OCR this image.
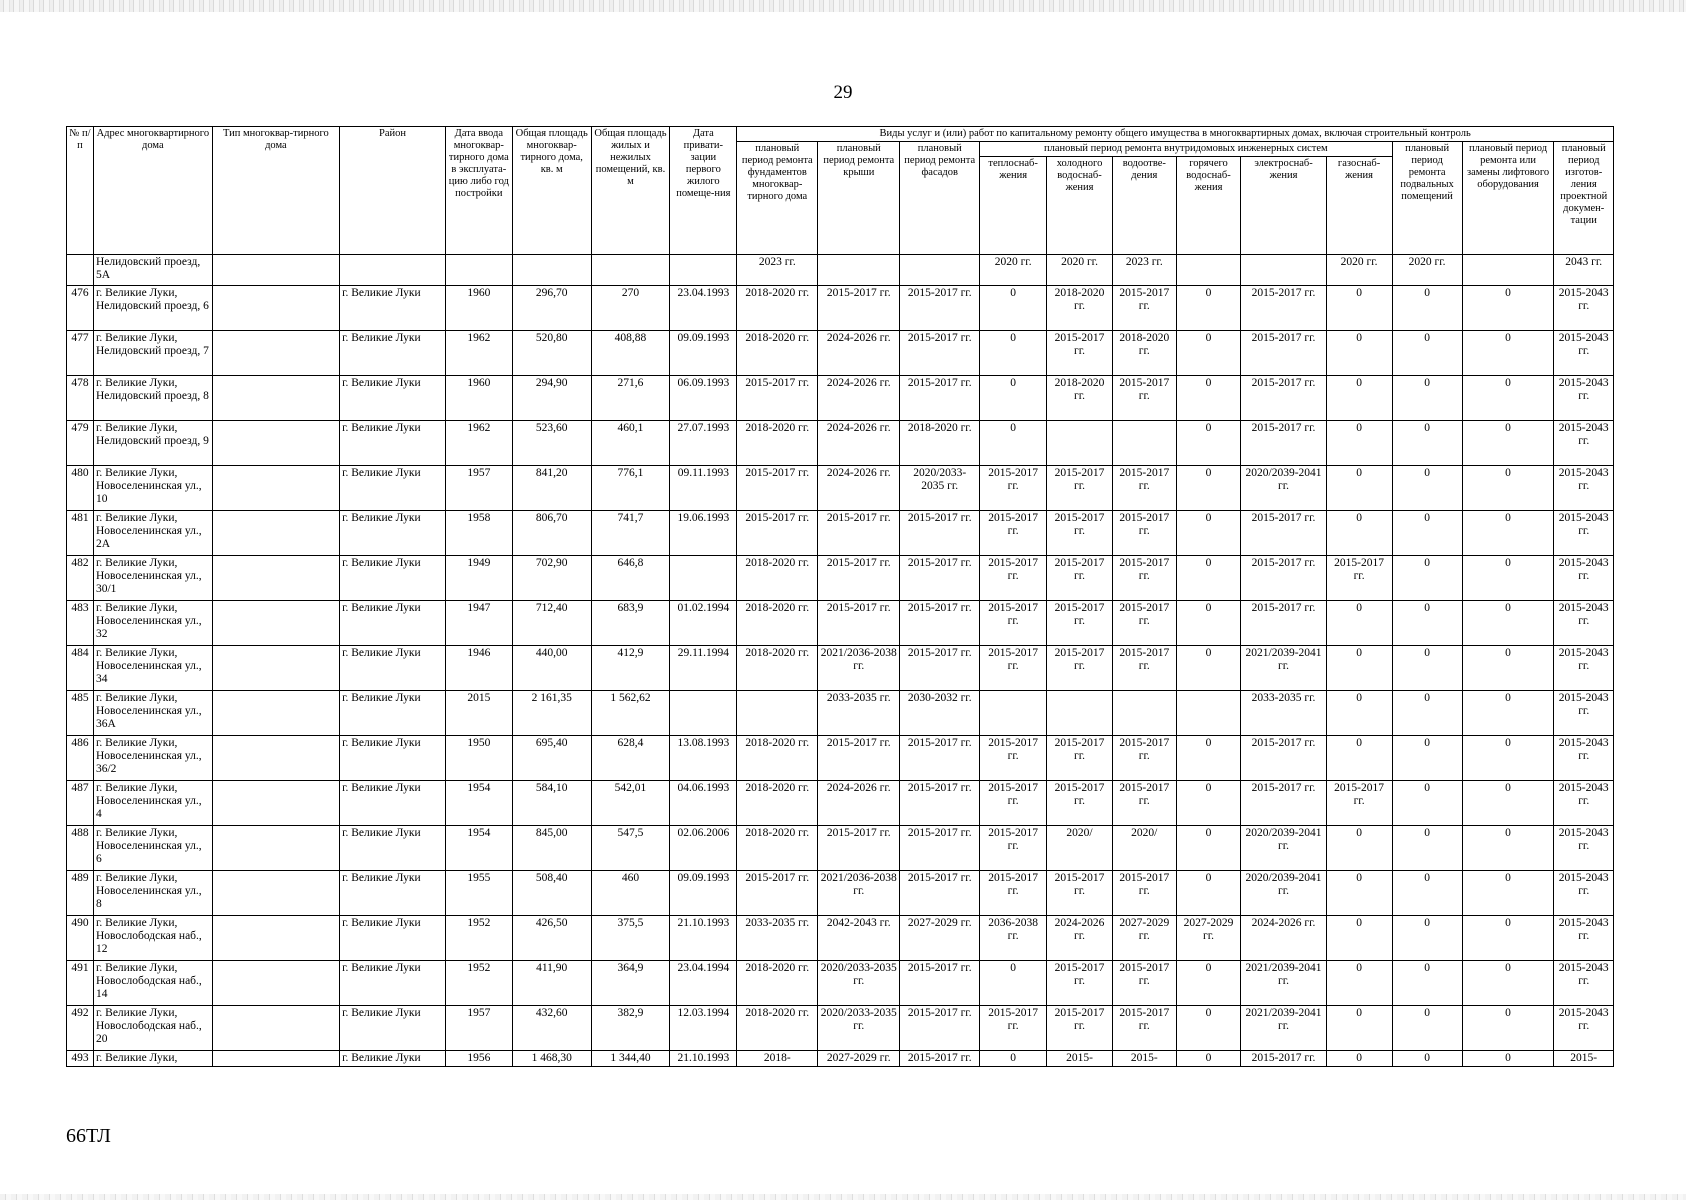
29
№ п/п	Адрес многоквартирного дома	Тип многоквар-тирного дома	Район	Дата ввода многоквар-тирного дома в эксплуата-цию либо год постройки	Общая площадь многоквар-тирного дома, кв. м	Общая площадь жилых и нежилых помещений, кв. м	Дата привати-зации первого жилого помеще-ния	Виды услуг и (или) работ по капитальному ремонту общего имущества в многоквартирных домах, включая строительный контроль											
								плановый период ремонта фундаментов многоквар-тирного дома	плановый период ремонта крыши	плановый период ремонта фасадов	плановый период ремонта внутридомовых инженерных систем						плановый период ремонта подвальных помещений	плановый период ремонта или замены лифтового оборудования	плановый период изготов-ления проектной докумен-тации
											теплоснаб-жения	холодного водоснаб-жения	водоотве-дения	горячего водоснаб-жения	электроснаб-жения	газоснаб-жения			
	Нелидовский проезд, 5А							2023 гг.			2020 гг.	2020 гг.	2023 гг.			2020 гг.	2020 гг.		2043 гг.
476	г. Великие Луки, Нелидовский проезд, 6		г. Великие Луки	1960	296,70	270	23.04.1993	2018-2020 гг.	2015-2017 гг.	2015-2017 гг.	0	2018-2020 гг.	2015-2017 гг.	0	2015-2017 гг.	0	0	0	2015-2043 гг.
477	г. Великие Луки, Нелидовский проезд, 7		г. Великие Луки	1962	520,80	408,88	09.09.1993	2018-2020 гг.	2024-2026 гг.	2015-2017 гг.	0	2015-2017 гг.	2018-2020 гг.	0	2015-2017 гг.	0	0	0	2015-2043 гг.
478	г. Великие Луки, Нелидовский проезд, 8		г. Великие Луки	1960	294,90	271,6	06.09.1993	2015-2017 гг.	2024-2026 гг.	2015-2017 гг.	0	2018-2020 гг.	2015-2017 гг.	0	2015-2017 гг.	0	0	0	2015-2043 гг.
479	г. Великие Луки, Нелидовский проезд, 9		г. Великие Луки	1962	523,60	460,1	27.07.1993	2018-2020 гг.	2024-2026 гг.	2018-2020 гг.	0			0	2015-2017 гг.	0	0	0	2015-2043 гг.
480	г. Великие Луки, Новоселенинская ул., 10		г. Великие Луки	1957	841,20	776,1	09.11.1993	2015-2017 гг.	2024-2026 гг.	2020/2033-2035 гг.	2015-2017 гг.	2015-2017 гг.	2015-2017 гг.	0	2020/2039-2041 гг.	0	0	0	2015-2043 гг.
481	г. Великие Луки, Новоселенинская ул., 2А		г. Великие Луки	1958	806,70	741,7	19.06.1993	2015-2017 гг.	2015-2017 гг.	2015-2017 гг.	2015-2017 гг.	2015-2017 гг.	2015-2017 гг.	0	2015-2017 гг.	0	0	0	2015-2043 гг.
482	г. Великие Луки, Новоселенинская ул., 30/1		г. Великие Луки	1949	702,90	646,8		2018-2020 гг.	2015-2017 гг.	2015-2017 гг.	2015-2017 гг.	2015-2017 гг.	2015-2017 гг.	0	2015-2017 гг.	2015-2017 гг.	0	0	2015-2043 гг.
483	г. Великие Луки, Новоселенинская ул., 32		г. Великие Луки	1947	712,40	683,9	01.02.1994	2018-2020 гг.	2015-2017 гг.	2015-2017 гг.	2015-2017 гг.	2015-2017 гг.	2015-2017 гг.	0	2015-2017 гг.	0	0	0	2015-2043 гг.
484	г. Великие Луки, Новоселенинская ул., 34		г. Великие Луки	1946	440,00	412,9	29.11.1994	2018-2020 гг.	2021/2036-2038 гг.	2015-2017 гг.	2015-2017 гг.	2015-2017 гг.	2015-2017 гг.	0	2021/2039-2041 гг.	0	0	0	2015-2043 гг.
485	г. Великие Луки, Новоселенинская ул., 36А		г. Великие Луки	2015	2 161,35	1 562,62			2033-2035 гг.	2030-2032 гг.					2033-2035 гг.	0	0	0	2015-2043 гг.
486	г. Великие Луки, Новоселенинская ул., 36/2		г. Великие Луки	1950	695,40	628,4	13.08.1993	2018-2020 гг.	2015-2017 гг.	2015-2017 гг.	2015-2017 гг.	2015-2017 гг.	2015-2017 гг.	0	2015-2017 гг.	0	0	0	2015-2043 гг.
487	г. Великие Луки, Новоселенинская ул., 4		г. Великие Луки	1954	584,10	542,01	04.06.1993	2018-2020 гг.	2024-2026 гг.	2015-2017 гг.	2015-2017 гг.	2015-2017 гг.	2015-2017 гг.	0	2015-2017 гг.	2015-2017 гг.	0	0	2015-2043 гг.
488	г. Великие Луки, Новоселенинская ул., 6		г. Великие Луки	1954	845,00	547,5	02.06.2006	2018-2020 гг.	2015-2017 гг.	2015-2017 гг.	2015-2017 гг.	2020/	2020/	0	2020/2039-2041 гг.	0	0	0	2015-2043 гг.
489	г. Великие Луки, Новоселенинская ул., 8		г. Великие Луки	1955	508,40	460	09.09.1993	2015-2017 гг.	2021/2036-2038 гг.	2015-2017 гг.	2015-2017 гг.	2015-2017 гг.	2015-2017 гг.	0	2020/2039-2041 гг.	0	0	0	2015-2043 гг.
490	г. Великие Луки, Новослободская наб., 12		г. Великие Луки	1952	426,50	375,5	21.10.1993	2033-2035 гг.	2042-2043 гг.	2027-2029 гг.	2036-2038 гг.	2024-2026 гг.	2027-2029 гг.	2027-2029 гг.	2024-2026 гг.	0	0	0	2015-2043 гг.
491	г. Великие Луки, Новослободская наб., 14		г. Великие Луки	1952	411,90	364,9	23.04.1994	2018-2020 гг.	2020/2033-2035 гг.	2015-2017 гг.	0	2015-2017 гг.	2015-2017 гг.	0	2021/2039-2041 гг.	0	0	0	2015-2043 гг.
492	г. Великие Луки, Новослободская наб., 20		г. Великие Луки	1957	432,60	382,9	12.03.1994	2018-2020 гг.	2020/2033-2035 гг.	2015-2017 гг.	2015-2017 гг.	2015-2017 гг.	2015-2017 гг.	0	2021/2039-2041 гг.	0	0	0	2015-2043 гг.
493	г. Великие Луки,		г. Великие Луки	1956	1 468,30	1 344,40	21.10.1993	2018-	2027-2029 гг.	2015-2017 гг.	0	2015-	2015-	0	2015-2017 гг.	0	0	0	2015-
66ТЛ
